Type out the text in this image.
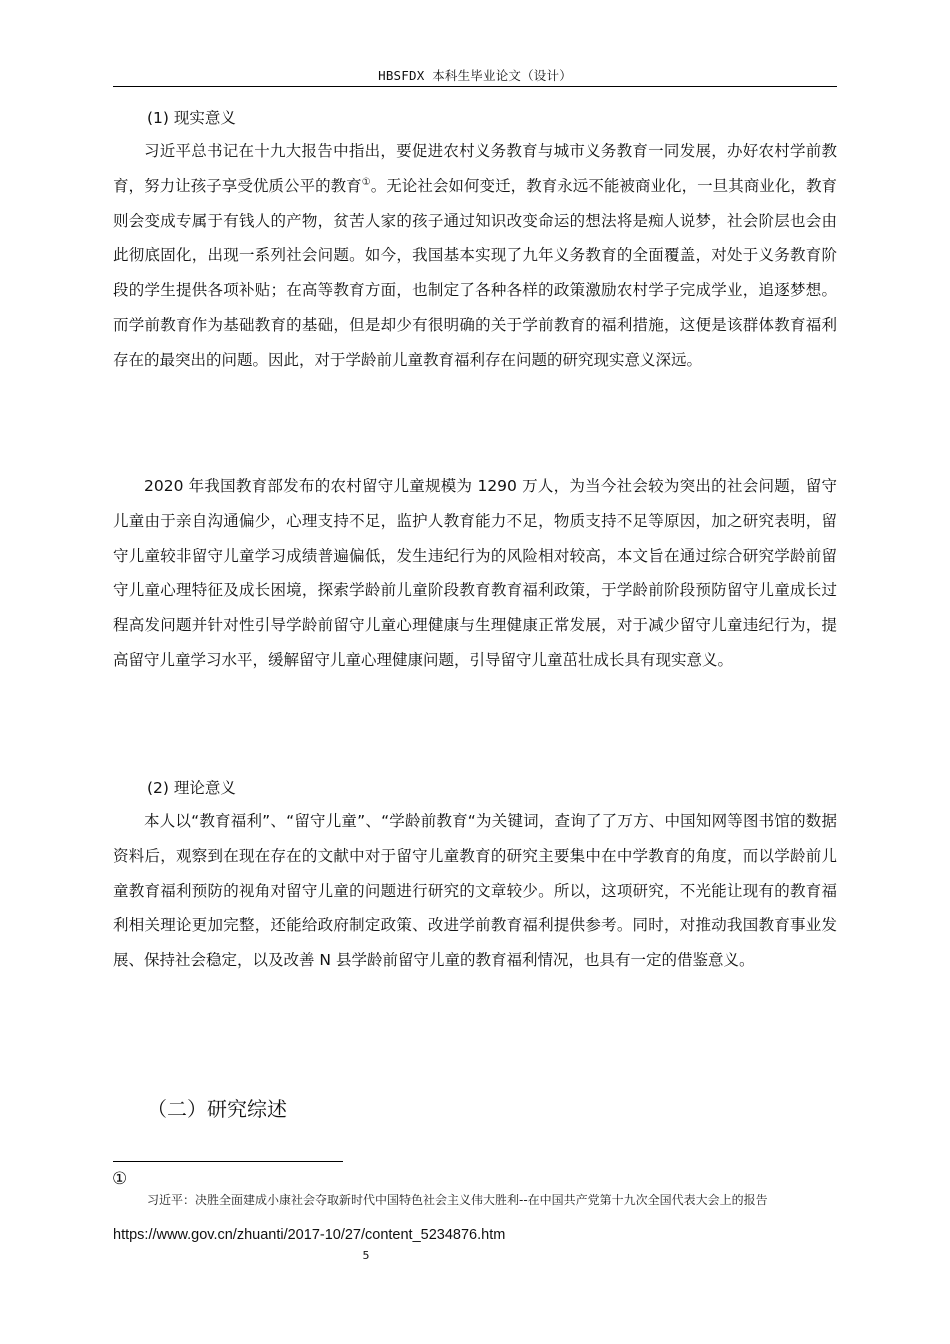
HBSFDX 本科生毕业论文（设计）
(1) 现实意义

习近平总书记在十九大报告中指出，要促进农村义务教育与城市义务教育一同发展，办好农村学前教育，努力让孩子享受优质公平的教育①。无论社会如何变迁，教育永远不能被商业化，一旦其商业化，教育则会变成专属于有钱人的产物，贫苦人家的孩子通过知识改变命运的想法将是痴人说梦，社会阶层也会由此彻底固化，出现一系列社会问题。如今，我国基本实现了九年义务教育的全面覆盖，对处于义务教育阶段的学生提供各项补贴；在高等教育方面，也制定了各种各样的政策激励农村学子完成学业，追逐梦想。而学前教育作为基础教育的基础，但是却少有很明确的关于学前教育的福利措施，这便是该群体教育福利存在的最突出的问题。因此，对于学龄前儿童教育福利存在问题的研究现实意义深远。

2020 年我国教育部发布的农村留守儿童规模为 1290 万人，为当今社会较为突出的社会问题，留守儿童由于亲自沟通偏少，心理支持不足，监护人教育能力不足，物质支持不足等原因，加之研究表明，留守儿童较非留守儿童学习成绩普遍偏低，发生违纪行为的风险相对较高，本文旨在通过综合研究学龄前留守儿童心理特征及成长困境，探索学龄前儿童阶段教育教育福利政策，于学龄前阶段预防留守儿童成长过程高发问题并针对性引导学龄前留守儿童心理健康与生理健康正常发展，对于减少留守儿童违纪行为，提高留守儿童学习水平，缓解留守儿童心理健康问题，引导留守儿童茁壮成长具有现实意义。

(2) 理论意义

本人以“教育福利”、“留守儿童”、“学龄前教育“为关键词，查询了了万方、中国知网等图书馆的数据资料后，观察到在现在存在的文献中对于留守儿童教育的研究主要集中在中学教育的角度，而以学龄前儿童教育福利预防的视角对留守儿童的问题进行研究的文章较少。所以，这项研究，不光能让现有的教育福利相关理论更加完整，还能给政府制定政策、改进学前教育福利提供参考。同时，对推动我国教育事业发展、保持社会稳定，以及改善 N 县学龄前留守儿童的教育福利情况，也具有一定的借鉴意义。

（二）研究综述
①

习近平：决胜全面建成小康社会夺取新时代中国特色社会主义伟大胜利--在中国共产党第十九次全国代表大会上的报告

https://www.gov.cn/zhuanti/2017-10/27/content_5234876.htm
5
